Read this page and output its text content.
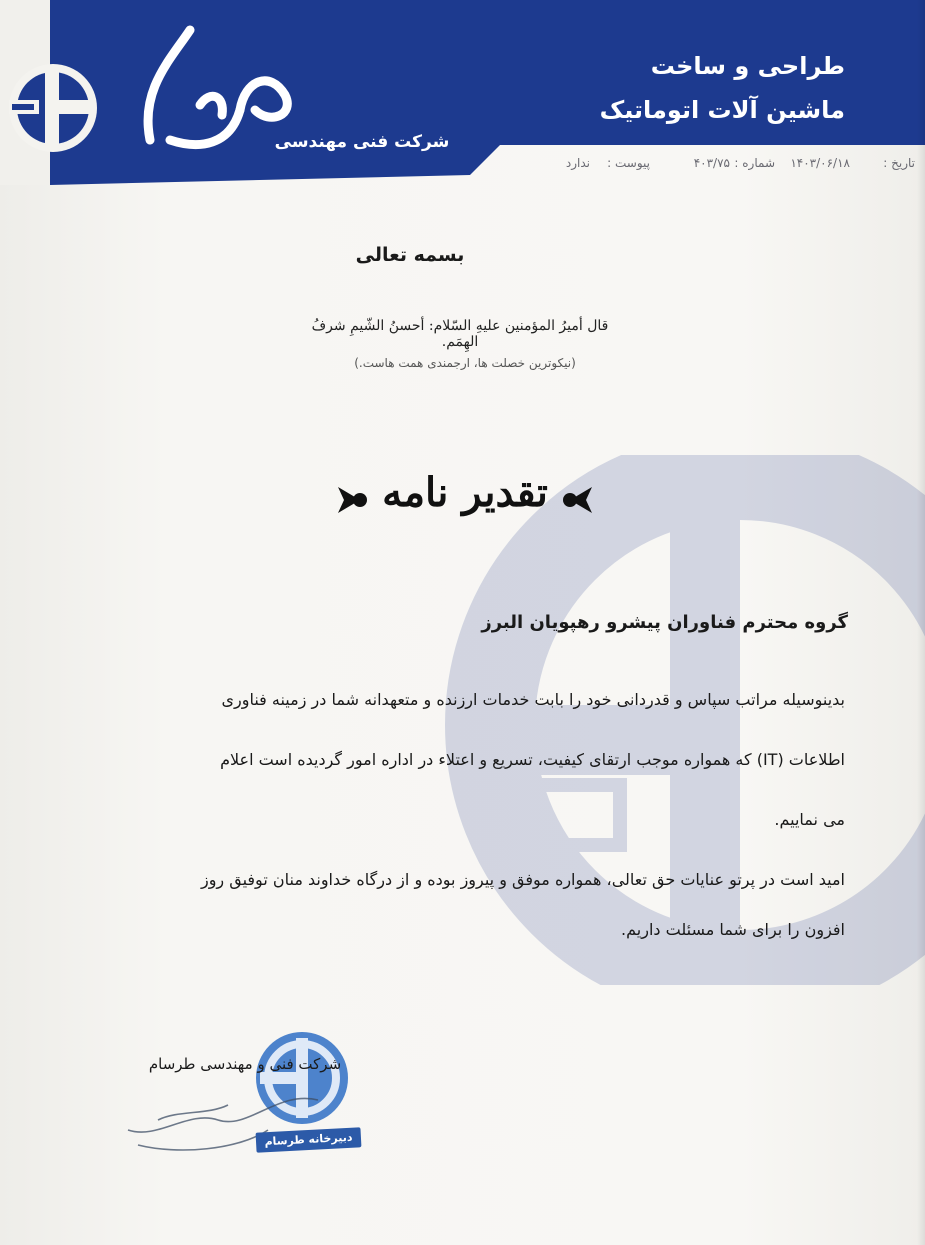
شرکت فنی مهندسی
طراحی و ساخت
ماشین آلات اتوماتیک
تاریخ :
۱۴۰۳/۰۶/۱۸
شماره :
۴۰۳/۷۵
پیوست :
ندارد
بسمه تعالی
قال أمیرُ المؤمنین علیهِ السّلام: أحسنُ الشّیمِ شرفُ الهِمَم.
(نیکوترین خصلت ها، ارجمندی همت هاست.)
تقدیر نامه
گروه محترم فناوران پیشرو رهپویان البرز
بدینوسیله مراتب سپاس و قدردانی خود را بابت خدمات ارزنده و متعهدانه شما در زمینه فناوری
اطلاعات (IT) که همواره موجب ارتقای کیفیت، تسریع و اعتلاء در اداره امور گردیده است اعلام
می نماییم.
امید است در پرتو عنایات حق تعالی، همواره موفق و پیروز بوده و از درگاه خداوند منان توفیق روز
افزون را برای شما مسئلت داریم.
شرکت فنی و مهندسی طرسام
دبیرخانه طرسام
